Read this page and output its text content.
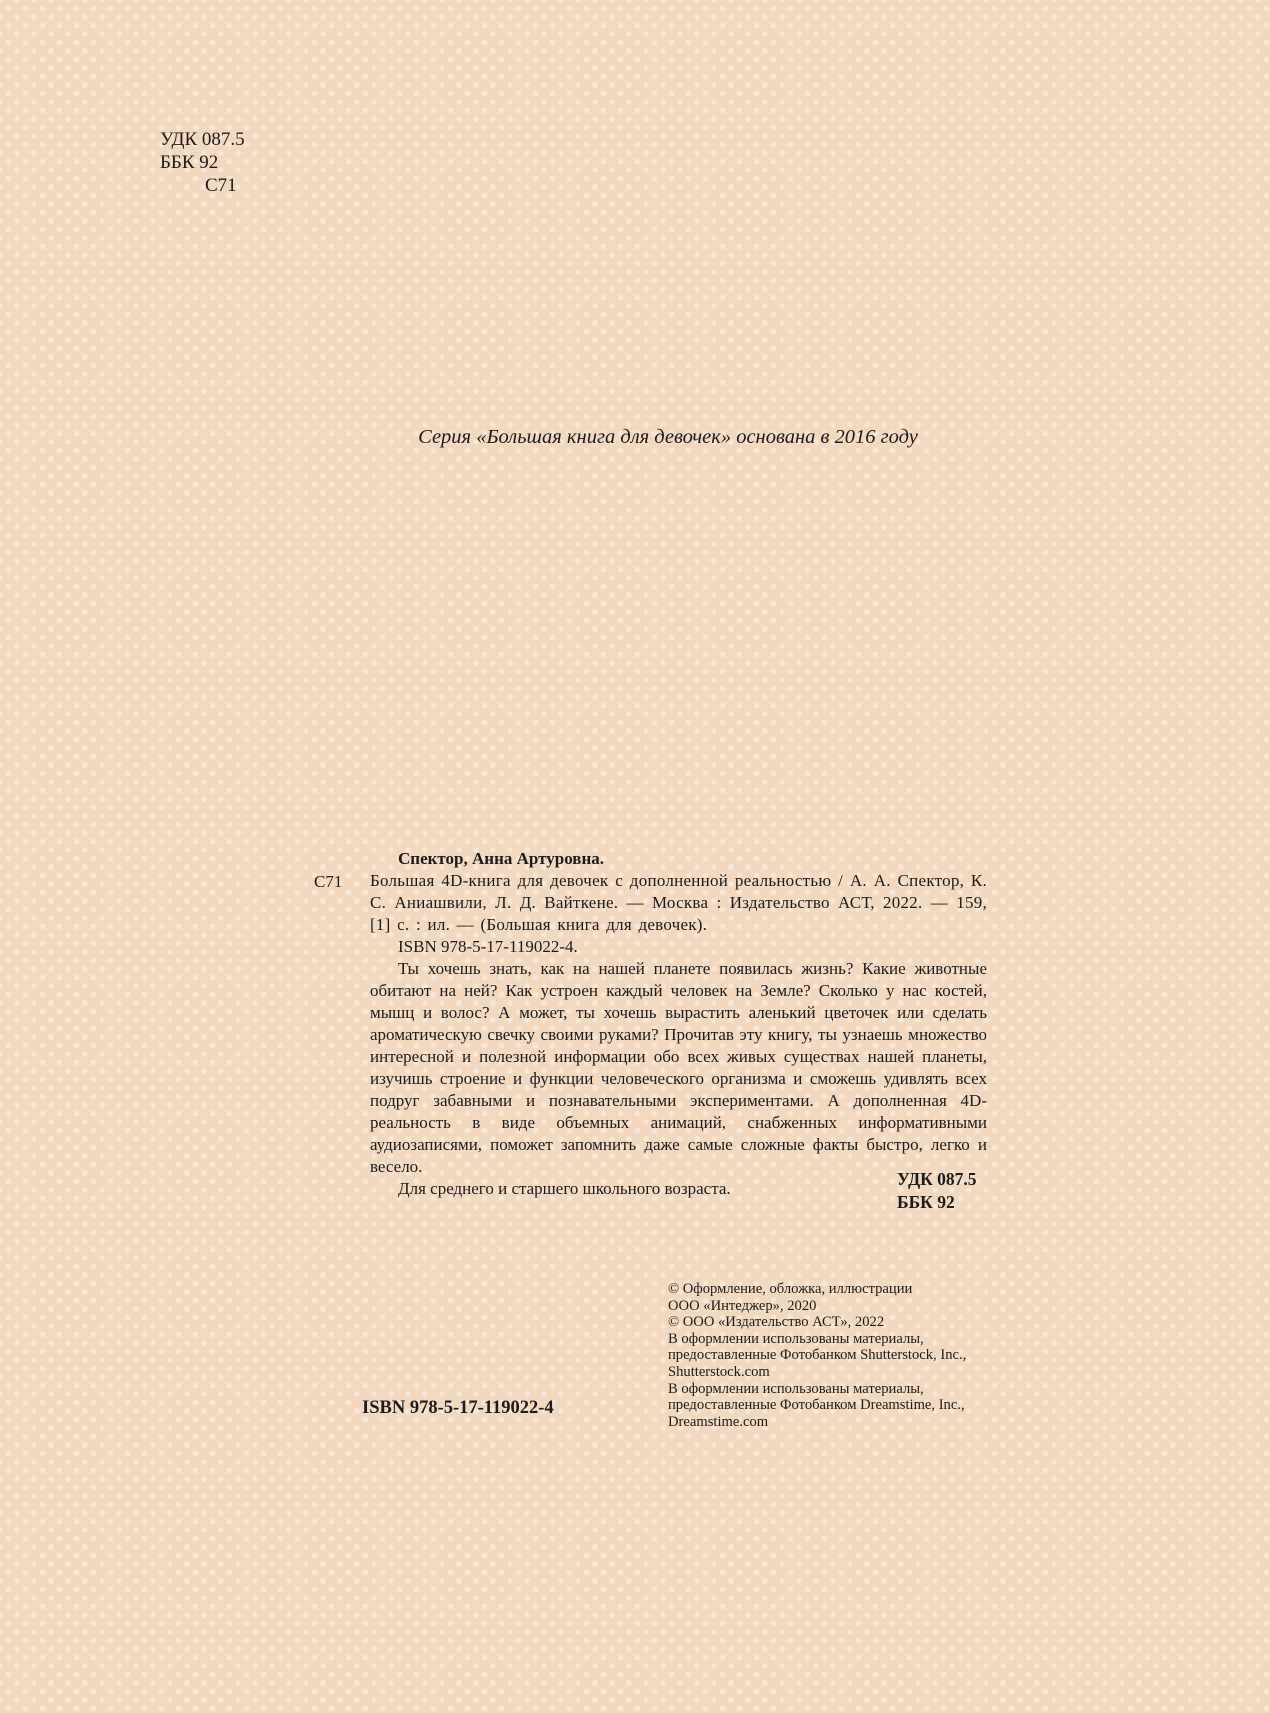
УДК 087.5
ББК 92
С71
Серия «Большая книга для девочек» основана в 2016 году
С71
Спектор, Анна Артуровна.
Большая 4D-книга для девочек с дополненной реальностью / А. А. Спектор, К. С. Аниашвили, Л. Д. Вайткене. — Москва : Издательство АСТ, 2022. — 159, [1] с. : ил. — (Большая книга для девочек).
ISBN 978-5-17-119022-4.
Ты хочешь знать, как на нашей планете появилась жизнь? Какие животные обитают на ней? Как устроен каждый человек на Земле? Сколько у нас костей, мышц и волос? А может, ты хочешь вырастить аленький цветочек или сделать ароматическую свечку своими руками? Прочитав эту книгу, ты узнаешь множество интересной и полезной информации обо всех живых существах нашей планеты, изучишь строение и функции человеческого организма и сможешь удивлять всех подруг забавными и познавательными экспериментами. А дополненная 4D-реальность в виде объемных анимаций, снабженных информативными аудиозаписями, поможет запомнить даже самые сложные факты быстро, легко и весело.
Для среднего и старшего школьного возраста.	УДК 087.5
ББК 92
© Оформление, обложка, иллюстрации
ООО «Интеджер», 2020
© ООО «Издательство АСТ», 2022
В оформлении использованы материалы,
предоставленные Фотобанком Shutterstock, Inc.,
Shutterstock.com
В оформлении использованы материалы,
предоставленные Фотобанком Dreamstime, Inc.,
Dreamstime.com
ISBN 978-5-17-119022-4
